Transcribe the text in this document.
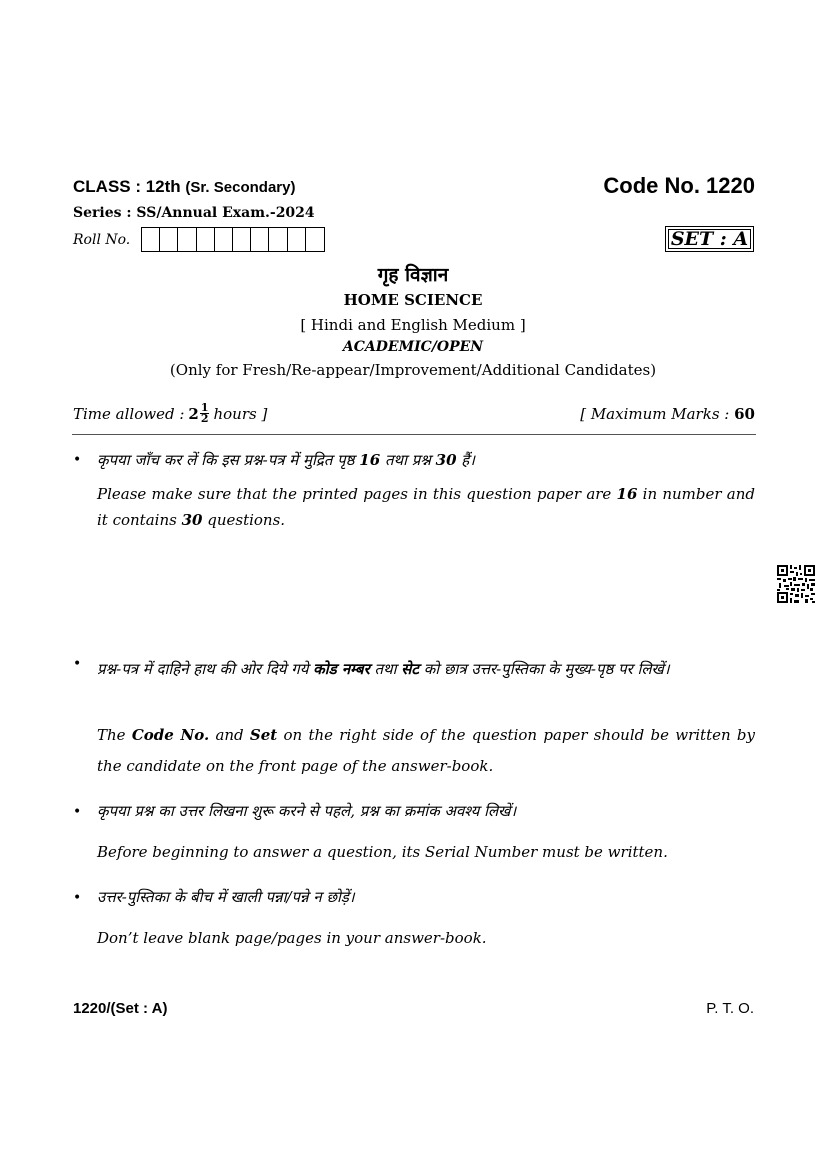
CLASS : 12th (Sr. Secondary)	Code No. 1220
Series : SS/Annual Exam.-2024
Roll No.	SET : A
गृह विज्ञान
HOME SCIENCE
[ Hindi and English Medium ]
ACADEMIC/OPEN
(Only for Fresh/Re-appear/Improvement/Additional Candidates)
Time allowed : $2 \frac{1}{2}$ hours ]	[ Maximum Marks : 60
• कृपया जाँच कर लें कि इस प्रश्न-पत्र में मुद्रित पृष्ठ 16 तथा प्रश्न 30 हैं।
Please make sure that the printed pages in this question paper are 16 in number and it contains 30 questions.
• प्रश्न-पत्र में दाहिने हाथ की ओर दिये गये कोड नम्बर तथा सेट को छात्र उत्तर-पुस्तिका के मुख्य-पृष्ठ पर लिखें।
The Code No. and Set on the right side of the question paper should be written by the candidate on the front page of the answer-book.
• कृपया प्रश्न का उत्तर लिखना शुरू करने से पहले, प्रश्न का क्रमांक अवश्य लिखें।
Before beginning to answer a question, its Serial Number must be written.
• उत्तर-पुस्तिका के बीच में खाली पन्ना/पन्ने न छोड़ें।
Don’t leave blank page/pages in your answer-book.
1220/(Set : A)	P. T. O.
